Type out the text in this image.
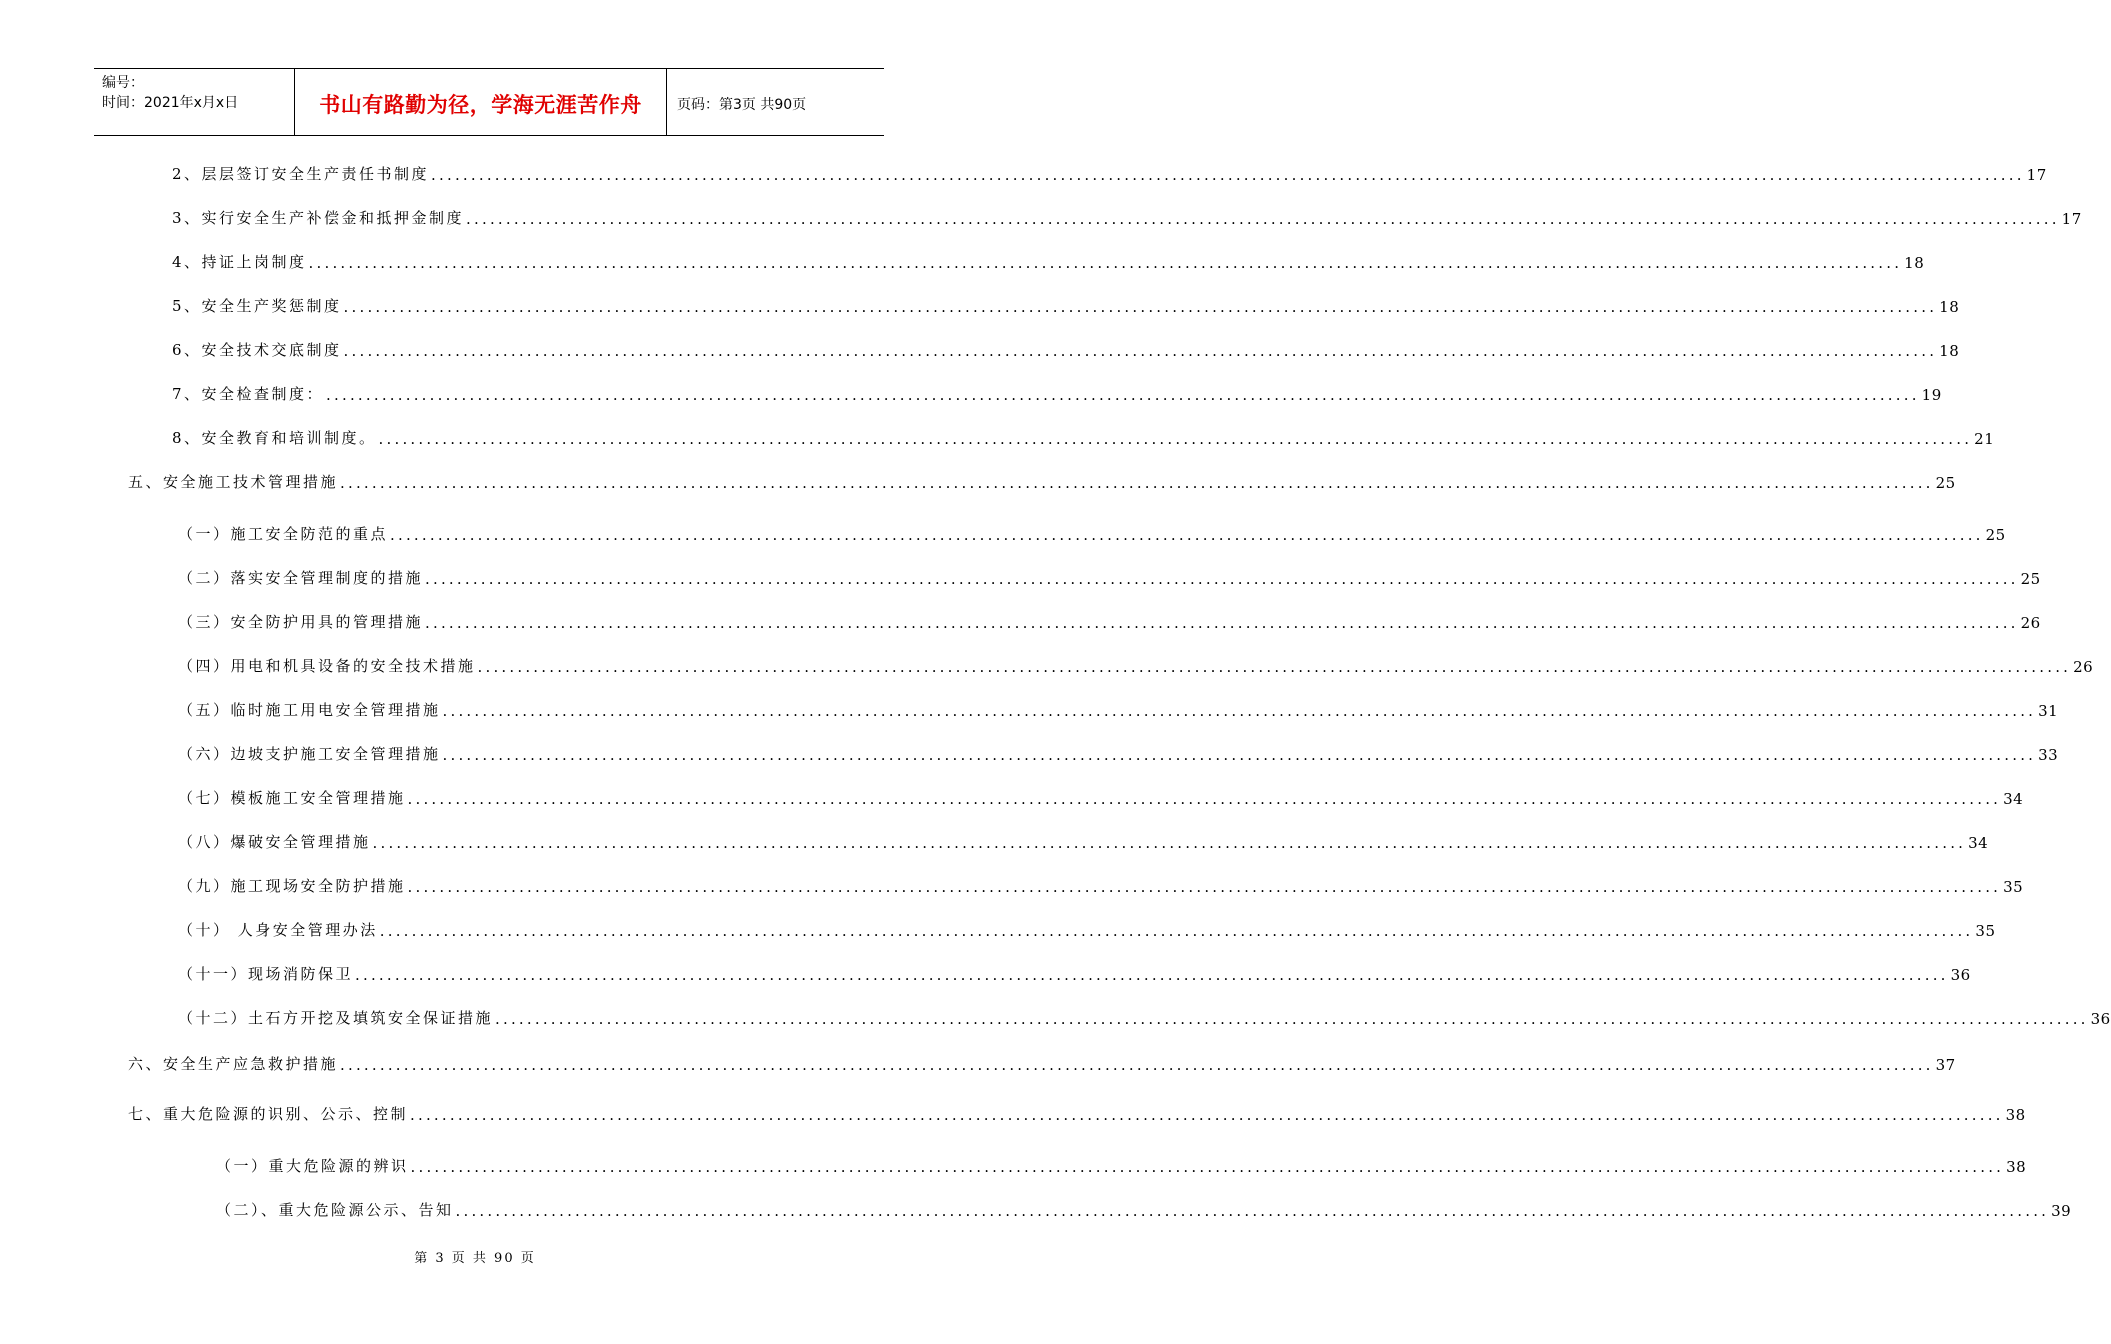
编号：
时间：2021年x月x日	书山有路勤为径，学海无涯苦作舟	页码：第3页 共90页
2、层层签订安全生产责任书制度 ........................................................................................................................................................................................................ 17
3、实行安全生产补偿金和抵押金制度 ........................................................................................................................................................................................................ 17
4、持证上岗制度 ........................................................................................................................................................................................................ 18
5、安全生产奖惩制度 ........................................................................................................................................................................................................ 18
6、安全技术交底制度 ........................................................................................................................................................................................................ 18
7、安全检查制度： ........................................................................................................................................................................................................ 19
8、安全教育和培训制度。 ........................................................................................................................................................................................................ 21
五、安全施工技术管理措施 ........................................................................................................................................................................................................ 25
（一）施工安全防范的重点 ........................................................................................................................................................................................................ 25
（二）落实安全管理制度的措施 ........................................................................................................................................................................................................ 25
（三）安全防护用具的管理措施 ........................................................................................................................................................................................................ 26
（四）用电和机具设备的安全技术措施 ........................................................................................................................................................................................................ 26
（五）临时施工用电安全管理措施 ........................................................................................................................................................................................................ 31
（六）边坡支护施工安全管理措施 ........................................................................................................................................................................................................ 33
（七）模板施工安全管理措施 ........................................................................................................................................................................................................ 34
（八）爆破安全管理措施 ........................................................................................................................................................................................................ 34
（九）施工现场安全防护措施 ........................................................................................................................................................................................................ 35
（十） 人身安全管理办法 ........................................................................................................................................................................................................ 35
（十一）现场消防保卫 ........................................................................................................................................................................................................ 36
（十二）土石方开挖及填筑安全保证措施 ........................................................................................................................................................................................................ 36
六、安全生产应急救护措施 ........................................................................................................................................................................................................ 37
七、重大危险源的识别、公示、控制 ........................................................................................................................................................................................................ 38
（一）重大危险源的辨识 ........................................................................................................................................................................................................ 38
（二）、重大危险源公示、告知 ........................................................................................................................................................................................................ 39
第 3 页 共 90 页
